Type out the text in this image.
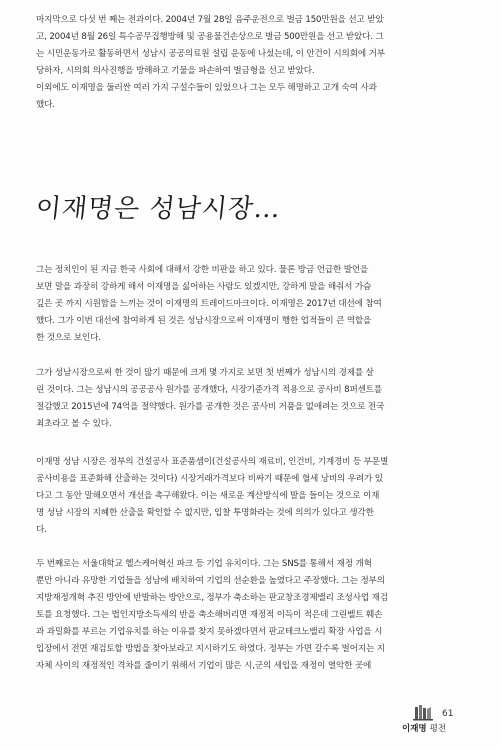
마지막으로 다섯 번 째는 전과이다. 2004년 7월 28일 음주운전으로 벌금 150만원을 선고 받았
고, 2004년 8월 26일 특수공무집행방해 및 공용물건손상으로 벌금 500만원을 선고 받았다. 그
는 시민운동가로 활동하면서 성남시 공공의료원 설립 운동에 나섰는데, 이 안건이 시의회에 거부
당하자, 시의회 의사진행을 방해하고 기물을 파손하여 벌금형을 선고 받았다.
이외에도 이재명을 둘러싼 여러 가지 구설수들이 있었으나 그는 모두 해명하고 고개 숙여 사과
했다.
이재명은 성남시장…
그는 정치인이 된 지금 한국 사회에 대해서 강한 비판을 하고 있다. 물론 방금 언급한 발언을
보면 말을 과장히 강하게 해서 이재명을 싫어하는 사람도 있겠지만, 강하게 말을 해줘서 가슴
깊은 곳 까지 시원함을 느끼는 것이 이재명의 트레이드마크이다. 이재명은 2017년 대선에 참여
했다. 그가 이번 대선에 참여하게 된 것은 성남시장으로써 이재명이 행한 업적들이 큰 역할을
한 것으로 보인다.
그가 성남시장으로써 한 것이 많기 때문에 크게 몇 가지로 보면 첫 번째가 성남시의 경제를 살
린 것이다. 그는 성남시의 공공공사 원가를 공개했다, 시장기준가격 적용으로 공사비 8퍼센트를
절감했고 2015년에 74억을 절약했다. 원가를 공개한 것은 공사비 거품을 없애려는 것으로 전국
최초라고 볼 수 있다.
이재명 성남 시장은 정부의 건설공사 표준품셈이(건설공사의 재료비, 인건비, 기계경비 등 부문별
공사비용을 표준화해 산출하는 것이다) 시장거래가격보다 비싸기 때문에 혈세 낭비의 우려가 있
다고 그 동안 말해오면서 개선을 촉구해왔다. 이는 새로운 계산방식에 발을 들이는 것으로 이재
명 성남 시장의 지혜한 산출을 확인할 수 없지만, 입찰 투명화라는 것에 의의가 있다고 생각한
다.
두 번째로는 서울대학교 헬스케어혁신 파크 등 기업 유치이다. 그는 SNS를 통해서 재정 개혁
뿐만 아니라 유망한 기업들을 성남에 배치하여 기업의 선순환을 높였다고 주장했다. 그는 정부의
지방재정개혁 추진 방안에 반발하는 방안으로, 정부가 축소하는 판교창조경제밸리 조성사업 재검
토를 요청했다. 그는 법인지방소득세의 반을 축소해버리면 재정적 이득이 적은데 그린벨트 훼손
과 과밀화를 부르는 기업유치를 하는 이유를 찾지 못하겠다면서 판교테크노밸리 확장 사업을 시
입장에서 전면 재검토할 방법을 찾아보라고 지시하기도 하였다. 정부는 가면 갈수록 벌어지는 지
자체 사이의 재정적인 격차를 줄이기 위해서 기업이 많은 시,군의 세입을 재정이 열악한 곳에
61
이재명 평전
